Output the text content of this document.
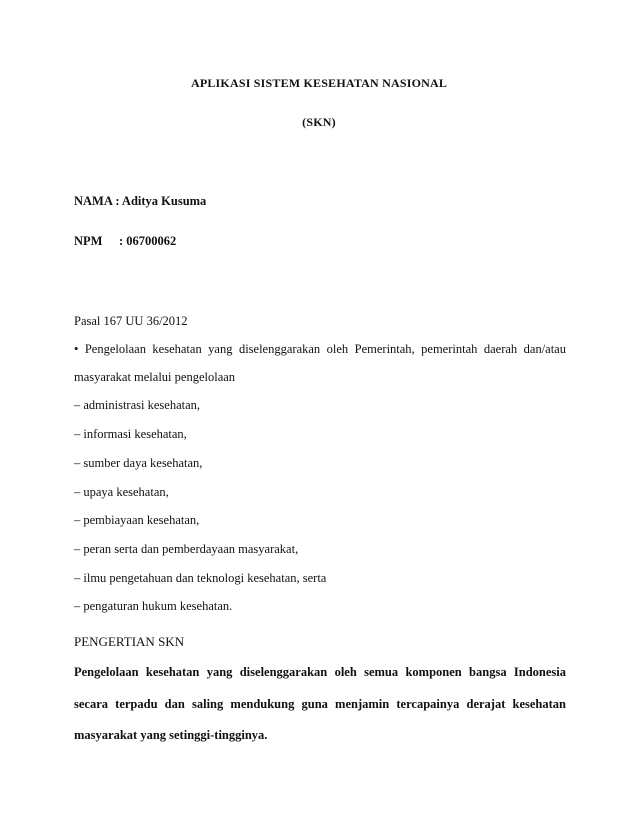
APLIKASI SISTEM KESEHATAN NASIONAL
(SKN)
NAMA : Aditya Kusuma
NPM : 06700062
Pasal 167 UU 36/2012
• Pengelolaan kesehatan yang diselenggarakan oleh Pemerintah, pemerintah daerah dan/atau
masyarakat melalui pengelolaan
– administrasi kesehatan,
– informasi kesehatan,
– sumber daya kesehatan,
– upaya kesehatan,
– pembiayaan kesehatan,
– peran serta dan pemberdayaan masyarakat,
– ilmu pengetahuan dan teknologi kesehatan, serta
– pengaturan hukum kesehatan.
PENGERTIAN SKN
Pengelolaan kesehatan yang diselenggarakan oleh semua komponen bangsa Indonesia
secara terpadu dan saling mendukung guna menjamin tercapainya derajat kesehatan
masyarakat yang setinggi-tingginya.
